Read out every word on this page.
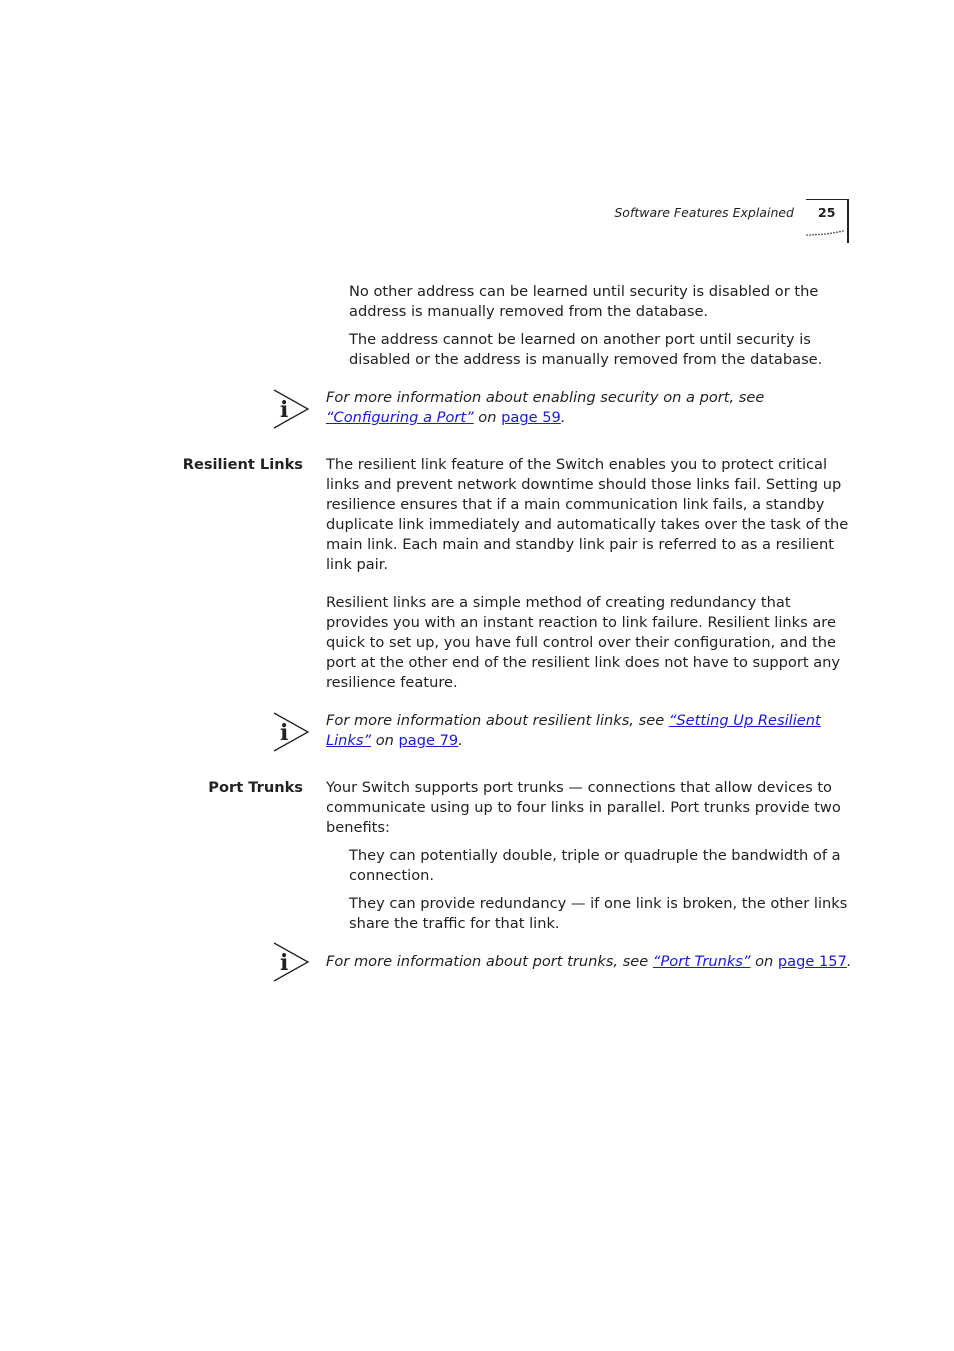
Software Features Explained 25

No other address can be learned until security is disabled or the address is manually removed from the database.

The address cannot be learned on another port until security is disabled or the address is manually removed from the database.

i	For more information about enabling security on a port, see “Configuring a Port” on page 59.

Resilient Links The resilient link feature of the Switch enables you to protect critical links and prevent network downtime should those links fail. Setting up resilience ensures that if a main communication link fails, a standby duplicate link immediately and automatically takes over the task of the main link. Each main and standby link pair is referred to as a resilient link pair.

Resilient links are a simple method of creating redundancy that provides you with an instant reaction to link failure. Resilient links are quick to set up, you have full control over their configuration, and the port at the other end of the resilient link does not have to support any resilience feature.

i	For more information about resilient links, see “Setting Up Resilient Links” on page 79.

Port Trunks Your Switch supports port trunks — connections that allow devices to communicate using up to four links in parallel. Port trunks provide two benefits:

They can potentially double, triple or quadruple the bandwidth of a connection.

They can provide redundancy — if one link is broken, the other links share the traffic for that link.

i	For more information about port trunks, see “Port Trunks” on page 157.
